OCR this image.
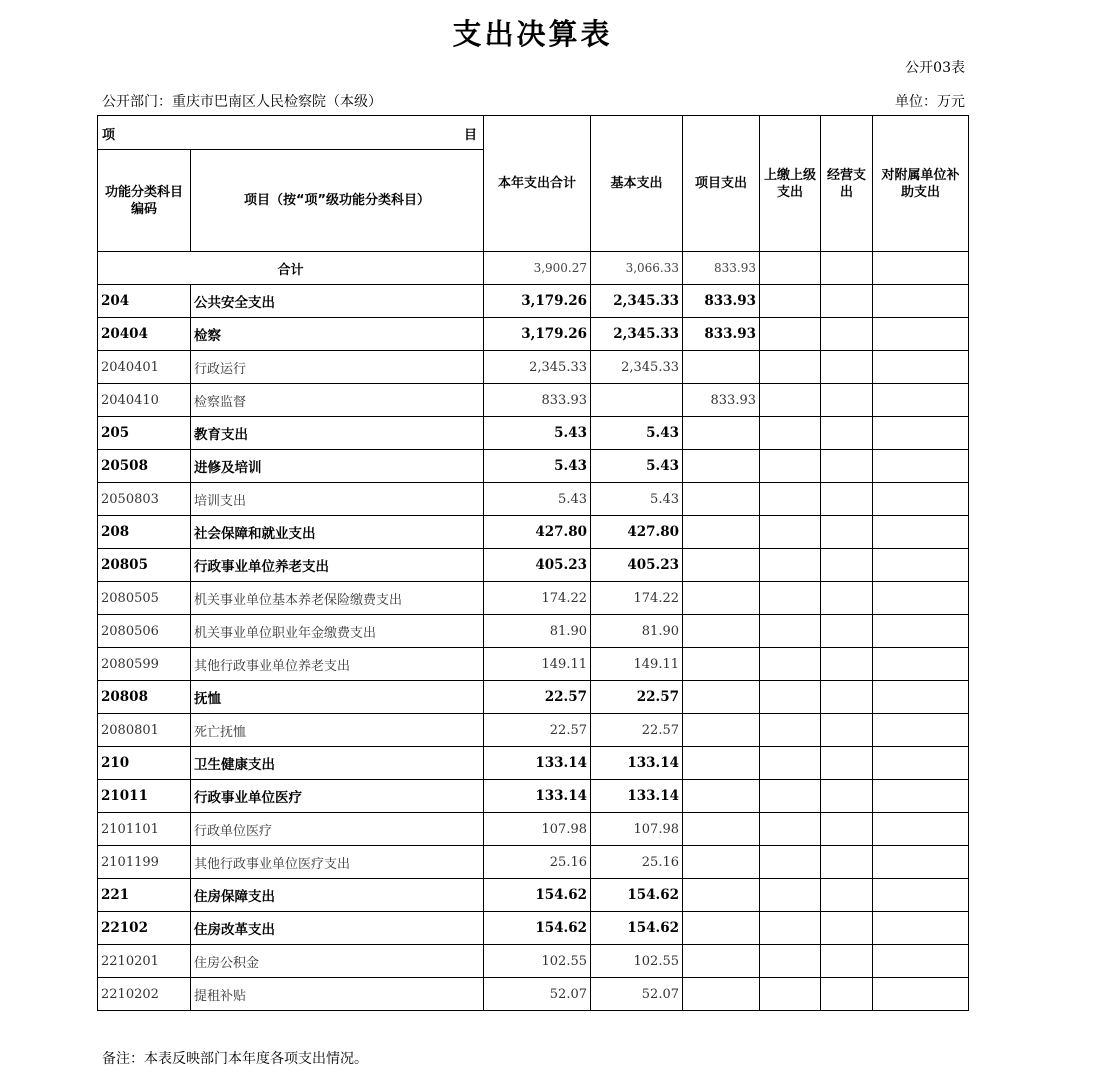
支出决算表
公开03表
公开部门：重庆市巴南区人民检察院（本级）	单位：万元
项 目		本年支出合计	基本支出	项目支出	上缴上级支出	经营支出	对附属单位补助支出
功能分类科目编码	项目（按“项”级功能分类科目）						
合计		3,900.27	3,066.33	833.93			
204	公共安全支出	3,179.26	2,345.33	833.93			
20404	检察	3,179.26	2,345.33	833.93			
2040401	行政运行	2,345.33	2,345.33				
2040410	检察监督	833.93		833.93			
205	教育支出	5.43	5.43				
20508	进修及培训	5.43	5.43				
2050803	培训支出	5.43	5.43				
208	社会保障和就业支出	427.80	427.80				
20805	行政事业单位养老支出	405.23	405.23				
2080505	机关事业单位基本养老保险缴费支出	174.22	174.22				
2080506	机关事业单位职业年金缴费支出	81.90	81.90				
2080599	其他行政事业单位养老支出	149.11	149.11				
20808	抚恤	22.57	22.57				
2080801	死亡抚恤	22.57	22.57				
210	卫生健康支出	133.14	133.14				
21011	行政事业单位医疗	133.14	133.14				
2101101	行政单位医疗	107.98	107.98				
2101199	其他行政事业单位医疗支出	25.16	25.16				
221	住房保障支出	154.62	154.62				
22102	住房改革支出	154.62	154.62				
2210201	住房公积金	102.55	102.55				
2210202	提租补贴	52.07	52.07				
备注：本表反映部门本年度各项支出情况。
